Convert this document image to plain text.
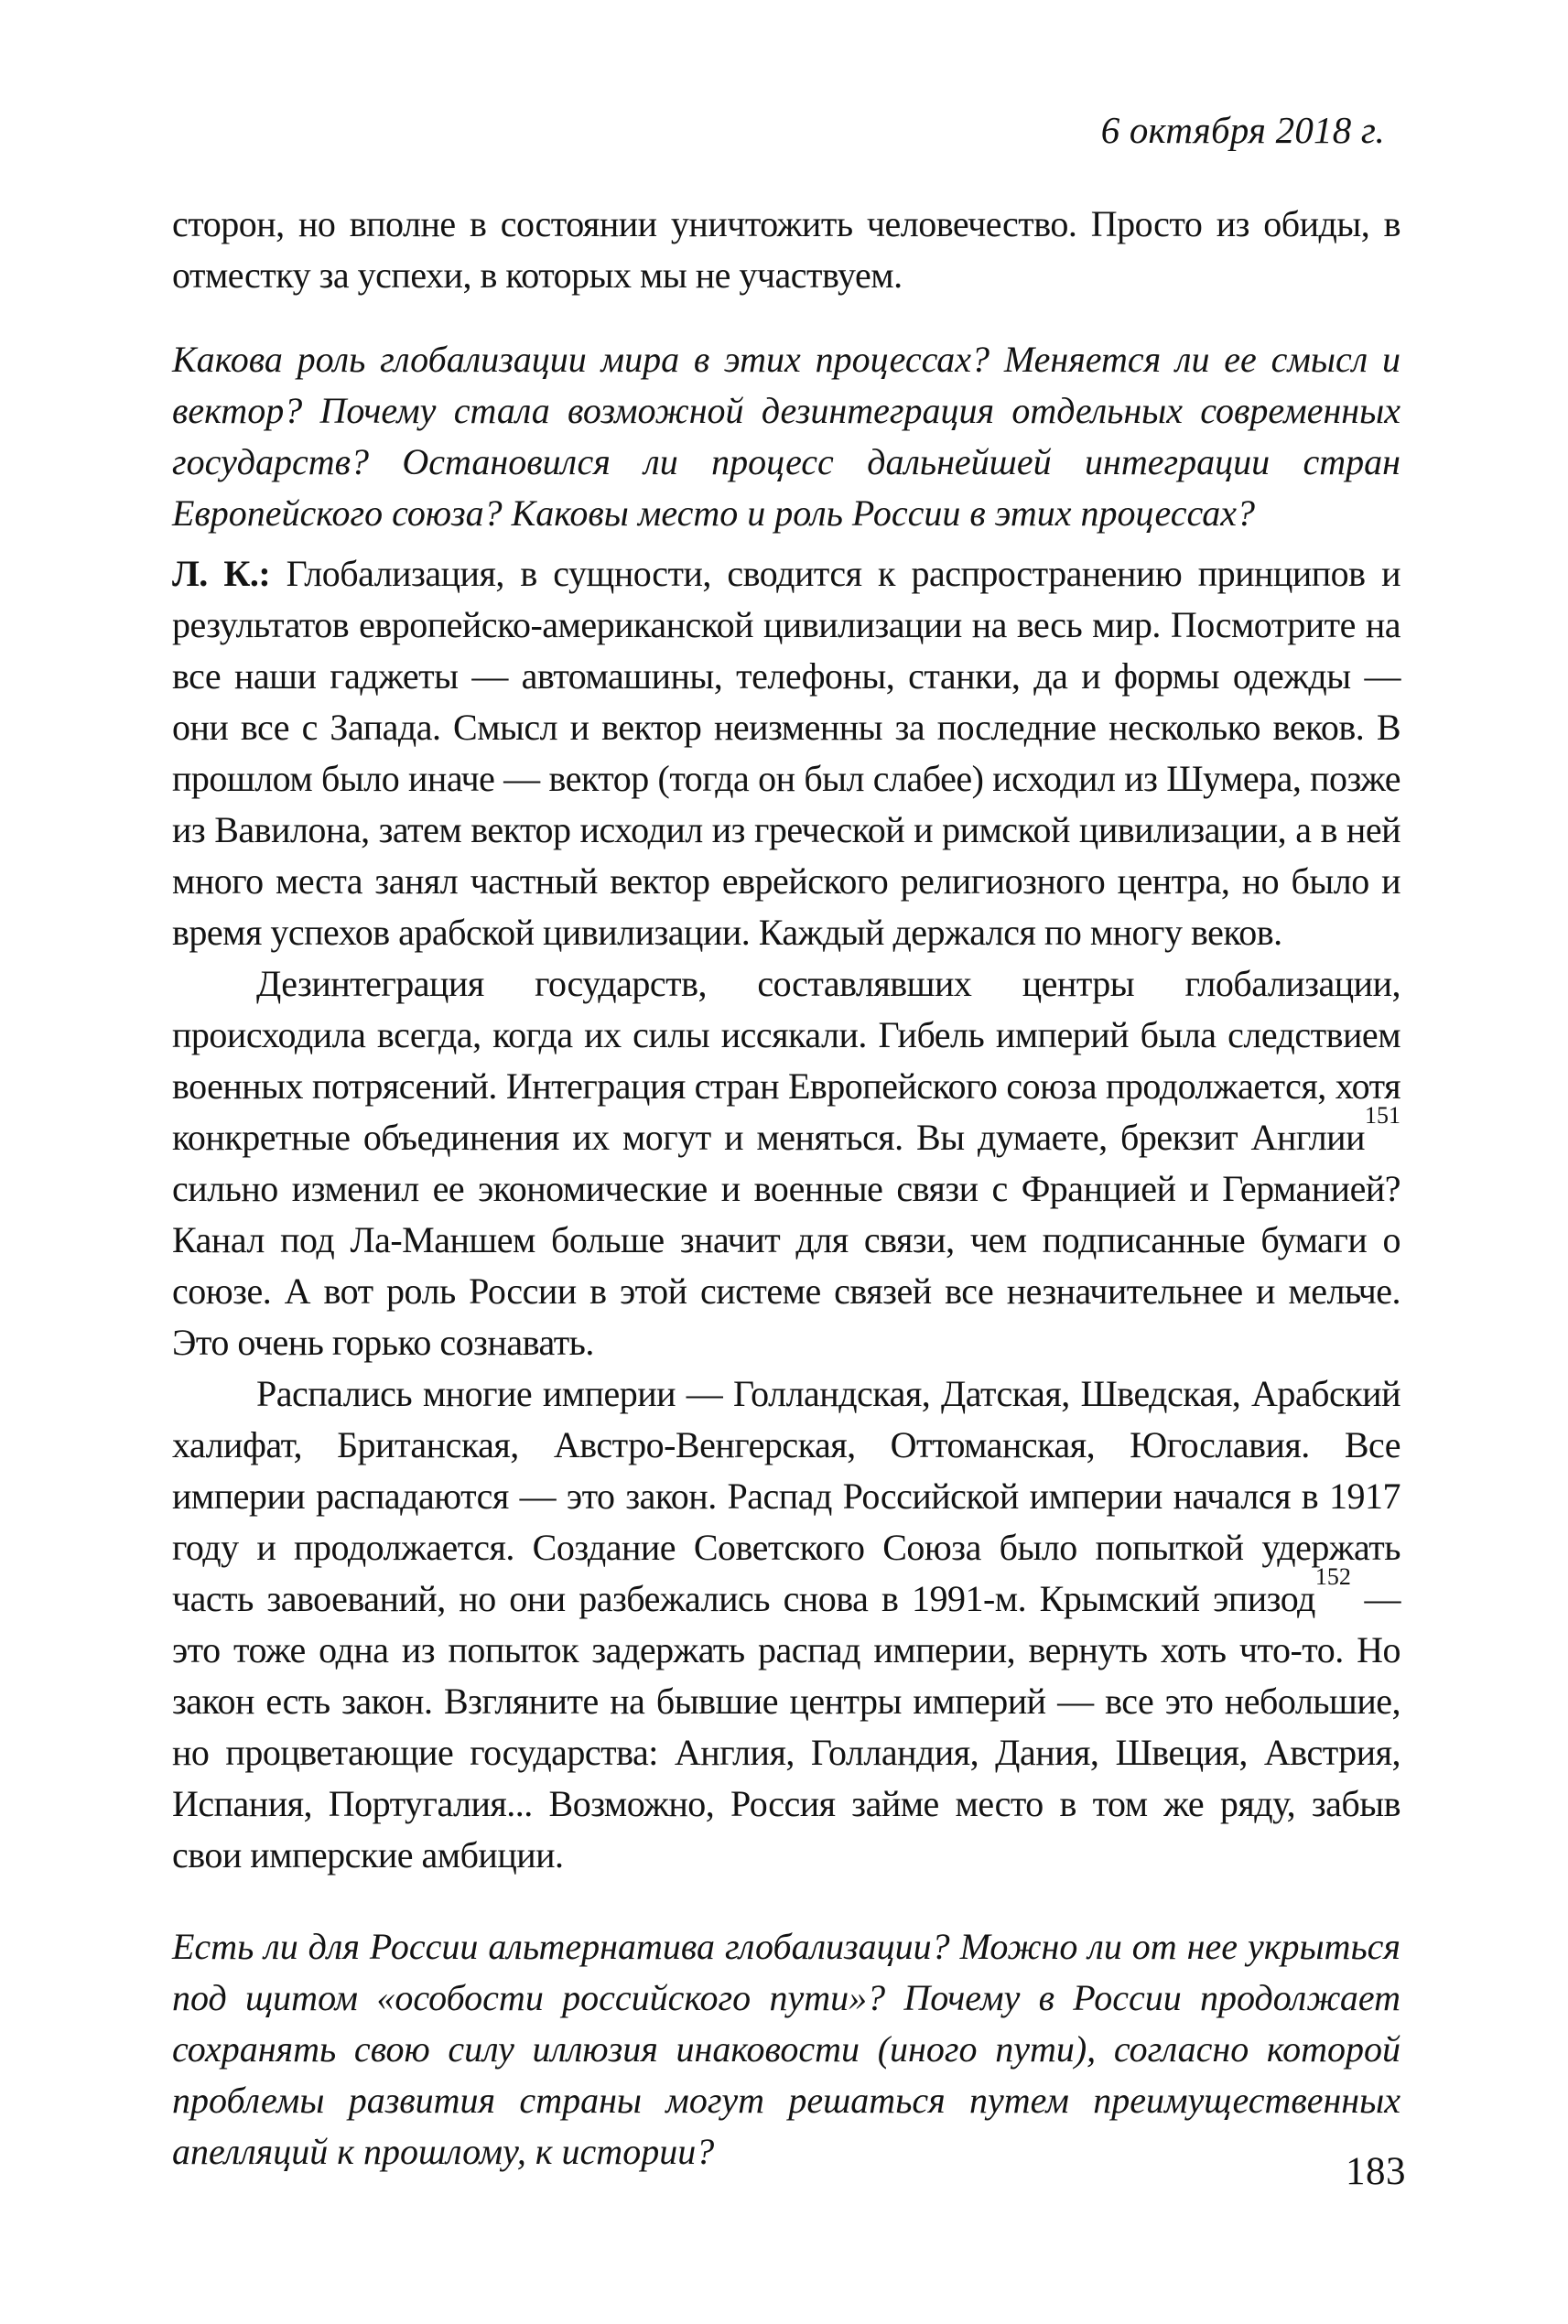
6 октября 2018 г.

сторон, но вполне в состоянии уничтожить человечество. Просто из обиды, в отместку за успехи, в которых мы не участвуем.

Какова роль глобализации мира в этих процессах? Меняется ли ее смысл и вектор? Почему стала возможной дезинтеграция отдельных современных государств? Остановился ли процесс дальнейшей интеграции стран Европейского союза? Каковы место и роль России в этих процессах?

Л. К.: Глобализация, в сущности, сводится к распространению принципов и результатов европейско-американской цивилизации на весь мир. Посмотрите на все наши гаджеты — автомашины, телефоны, станки, да и формы одежды — они все с Запада. Смысл и вектор неизменны за последние несколько веков. В прошлом было иначе — вектор (тогда он был слабее) исходил из Шумера, позже из Вавилона, затем вектор исходил из греческой и римской цивилизации, а в ней много места занял частный вектор еврейского религиозного центра, но было и время успехов арабской цивилизации. Каждый держался по многу веков.

Дезинтеграция государств, составлявших центры глобализации, происходила всегда, когда их силы иссякали. Гибель империй была следствием военных потрясений. Интеграция стран Европейского союза продолжается, хотя конкретные объединения их могут и меняться. Вы думаете, брекзит Англии$^{151}$ сильно изменил ее экономические и военные связи с Францией и Германией? Канал под Ла-Маншем больше значит для связи, чем подписанные бумаги о союзе. А вот роль России в этой системе связей все незначительнее и мельче. Это очень горько сознавать.

Распались многие империи — Голландская, Датская, Шведская, Арабский халифат, Британская, Австро-Венгерская, Оттоманская, Югославия. Все империи распадаются — это закон. Распад Российской империи начался в 1917 году и продолжается. Создание Советского Союза было попыткой удержать часть завоеваний, но они разбежались снова в 1991-м. Крымский эпизод$^{152}$ — это тоже одна из попыток задержать распад империи, вернуть хоть что-то. Но закон есть закон. Взгляните на бывшие центры империй — все это небольшие, но процветающие государства: Англия, Голландия, Дания, Швеция, Австрия, Испания, Португалия... Возможно, Россия займе место в том же ряду, забыв свои имперские амбиции.

Есть ли для России альтернатива глобализации? Можно ли от нее укрыться под щитом «особости российского пути»? Почему в России продолжает сохранять свою силу иллюзия инаковости (иного пути), согласно которой проблемы развития страны могут решаться путем преимущественных апелляций к прошлому, к истории?	183
